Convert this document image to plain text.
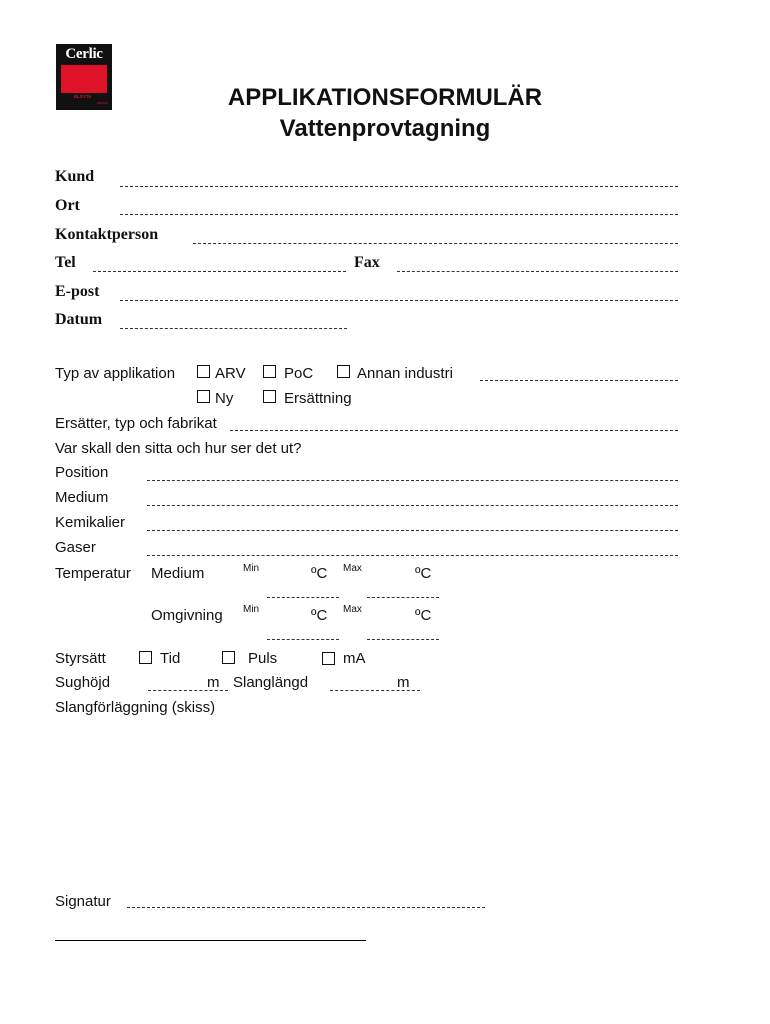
Cerlic
ELSYTA
GROUP	APPLIKATIONSFORMULÄR
Vattenprovtagning
Kund
Ort
Kontaktperson
Tel	Fax
E-post
Datum
Typ av applikation	ARV	PoC	Annan industri
Ny	Ersättning
Ersätter, typ och fabrikat
Var skall den sitta och hur ser det ut?
Position
Medium
Kemikalier
Gaser
Temperatur Medium	Min	ºC Max	ºC
Omgivning Min	ºC Max	ºC
Styrsätt	Tid	Puls	mA
Sughöjd	m Slanglängd	m
Slangförläggning (skiss)
Signatur
